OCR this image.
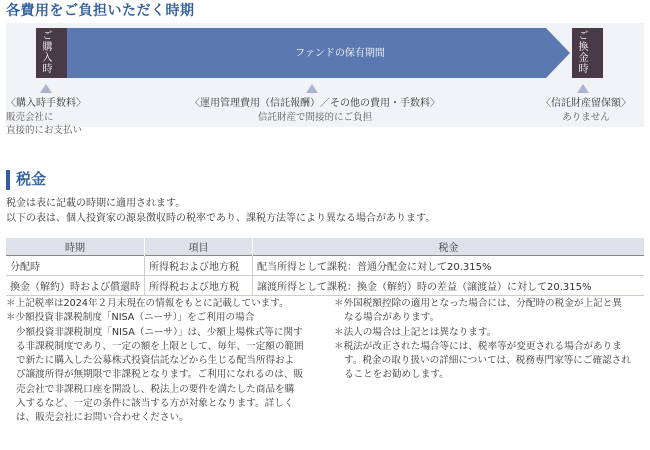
各費用をご負担いただく時期
ご購入時	ファンドの保有期間	ご換金時
〈購入時手数料〉
販売会社に
直接的にお支払い
〈運用管理費用（信託報酬）／その他の費用・手数料〉
信託財産で間接的にご負担
〈信託財産留保額〉
ありません
税金
税金は表に記載の時期に適用されます。
以下の表は、個人投資家の源泉徴収時の税率であり、課税方法等により異なる場合があります。
時期	項目	税金
分配時	所得税および地方税	配当所得として課税：普通分配金に対して20.315%
換金（解約）時および償還時	所得税および地方税	譲渡所得として課税：換金（解約）時の差益（譲渡益）に対して20.315%
＊上記税率は2024年２月末現在の情報をもとに記載しています。
＊少額投資非課税制度「NISA（ニーサ）」をご利用の場合
少額投資非課税制度「NISA（ニーサ）」は、少額上場株式等に関す
る非課税制度であり、一定の額を上限として、毎年、一定額の範囲
で新たに購入した公募株式投資信託などから生じる配当所得およ
び譲渡所得が無期限で非課税となります。ご利用になれるのは、販
売会社で非課税口座を開設し、税法上の要件を満たした商品を購
入するなど、一定の条件に該当する方が対象となります。詳しく
は、販売会社にお問い合わせください。
＊外国税額控除の適用となった場合には、分配時の税金が上記と異
なる場合があります。
＊法人の場合は上記とは異なります。
＊税法が改正された場合等には、税率等が変更される場合がありま
す。税金の取り扱いの詳細については、税務専門家等にご確認され
ることをお勧めします。
